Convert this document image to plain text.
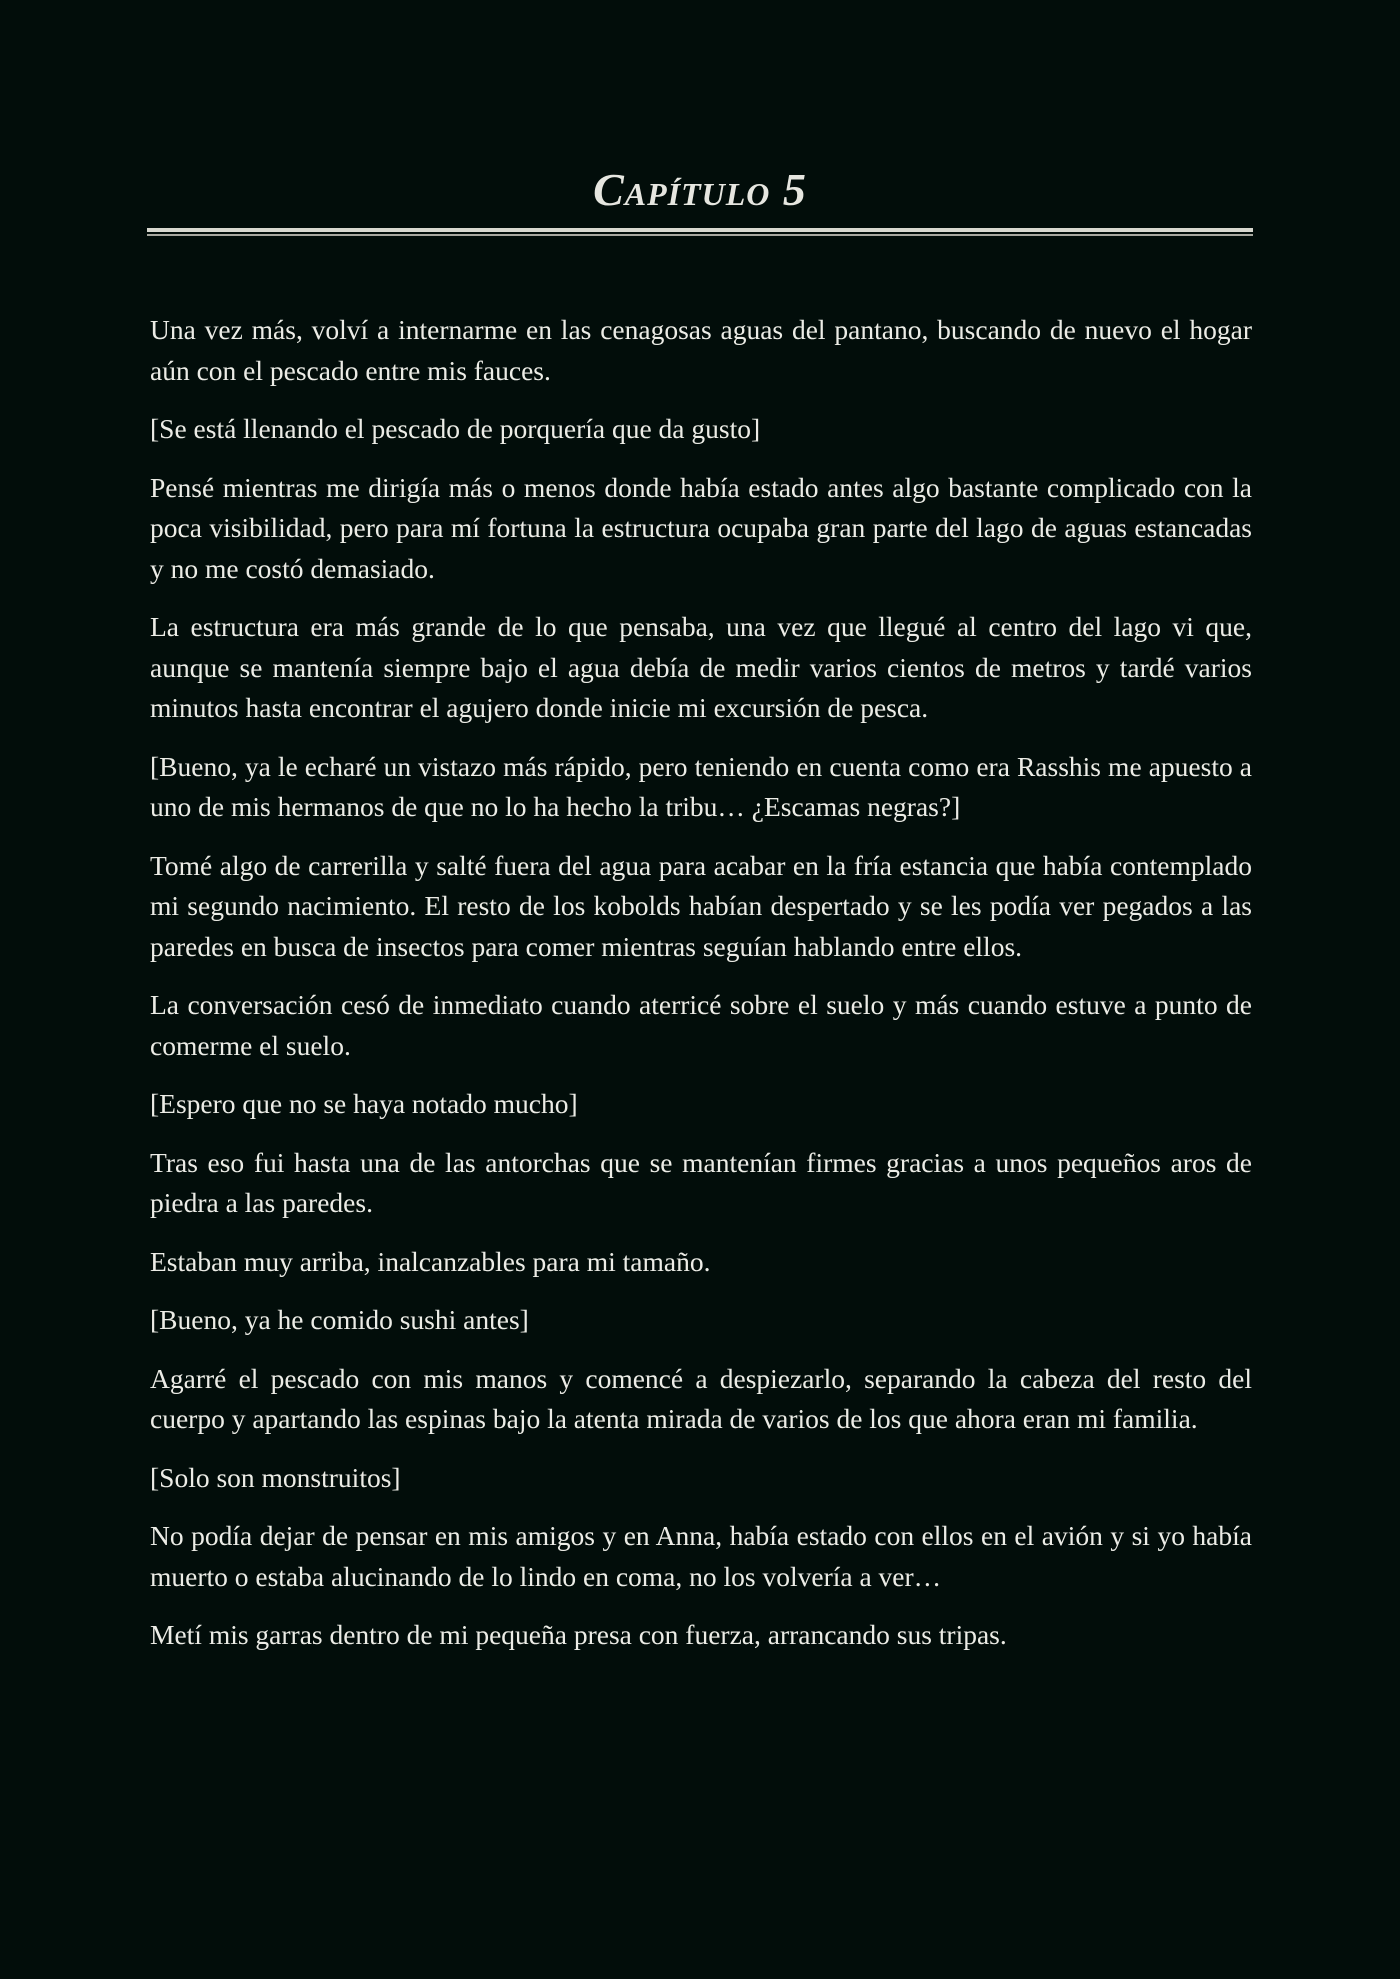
Capítulo 5

Una vez más, volví a internarme en las cenagosas aguas del pantano, buscando de nuevo el hogar aún con el pescado entre mis fauces.

[Se está llenando el pescado de porquería que da gusto]

Pensé mientras me dirigía más o menos donde había estado antes algo bastante complicado con la poca visibilidad, pero para mí fortuna la estructura ocupaba gran parte del lago de aguas estancadas y no me costó demasiado.

La estructura era más grande de lo que pensaba, una vez que llegué al centro del lago vi que, aunque se mantenía siempre bajo el agua debía de medir varios cientos de metros y tardé varios minutos hasta encontrar el agujero donde inicie mi excursión de pesca.

[Bueno, ya le echaré un vistazo más rápido, pero teniendo en cuenta como era Rasshis me apuesto a uno de mis hermanos de que no lo ha hecho la tribu… ¿Escamas negras?]

Tomé algo de carrerilla y salté fuera del agua para acabar en la fría estancia que había contemplado mi segundo nacimiento. El resto de los kobolds habían despertado y se les podía ver pegados a las paredes en busca de insectos para comer mientras seguían hablando entre ellos.

La conversación cesó de inmediato cuando aterricé sobre el suelo y más cuando estuve a punto de comerme el suelo.

[Espero que no se haya notado mucho]

Tras eso fui hasta una de las antorchas que se mantenían firmes gracias a unos pequeños aros de piedra a las paredes.

Estaban muy arriba, inalcanzables para mi tamaño.

[Bueno, ya he comido sushi antes]

Agarré el pescado con mis manos y comencé a despiezarlo, separando la cabeza del resto del cuerpo y apartando las espinas bajo la atenta mirada de varios de los que ahora eran mi familia.

[Solo son monstruitos]

No podía dejar de pensar en mis amigos y en Anna, había estado con ellos en el avión y si yo había muerto o estaba alucinando de lo lindo en coma, no los volvería a ver…

Metí mis garras dentro de mi pequeña presa con fuerza, arrancando sus tripas.
